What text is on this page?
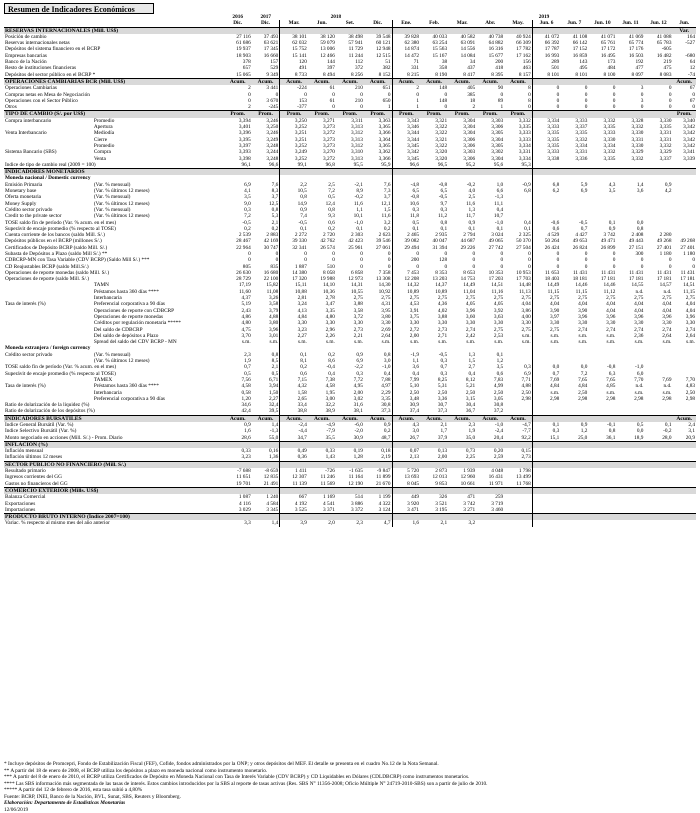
Resumen de Indicadores Económicos
		2016	2017	2018				2019										
		Dic.	Dic.	Mar.	Jun.	Set.	Dic.	Ene.	Feb.	Mar.	Abr.	May.	Jun. 6	Jun. 7	Jun. 10	Jun. 11	Jun. 12	Jun.
RESERVAS INTERNACIONALES (Mill. US$)																		Var.
Posición de cambio		27 116	37 493	38 101	38 120	38 498	39 548	39 828	40 033	40 582	40 738	40 924	41 072	41 108	41 071	41 069	41 088	164
Reservas internacionales netas		61 686	63 621	62 032	59 079	57 941	60 121	62 380	63 254	63 091	64 882	66 309	66 392	66 142	65 761	65 774	65 783	-527
Depósitos del sistema financiero en el BCRP		19 937	17 345	15 752	13 006	11 729	12 948	14 874	15 563	14 556	16 316	17 782	17 787	17 152	17 172	17 176	-605	
Empresas bancarias		18 903	16 660	15 141	12 466	11 244	12 515	14 472	15 167	14 084	15 677	17 162	16 993	16 859	16 495	16 503	16 482	-680
Banco de la Nación		378	157	120	144	112	51	71	38	34	200	156	289	143	173	192	219	64
Resto de instituciones financieras		657	529	491	397	372	382	331	358	437	418	463	501	495	484	477	475	12
Depósitos del sector público en el BCRP *		15 065	9 349	8 733	8 494	8 256	8 152	8 215	8 190	8 417	8 395	8 157	8 101	8 101	8 100	8 097	8 083	-74
OPERACIONES CAMBIARIAS BCR (Mill. US$)		Acum.	Acum.	Acum.	Acum.	Acum.	Acum.	Acum.	Acum.	Acum.	Acum.	Acum.						Acum.
Operaciones Cambiarias		2	3 441	-224	61	210	651	2	148	405	90	8	0	0	0	3	0	67
Compras netas en Mesa de Negociación		0	0	0	0	0	0	0	0	385	0	0	0	0	0	0	0	0
Operaciones con el Sector Público		0	3 670	153	61	210	650	1	148	18	89	8	0	0	0	3	0	67
Otros		2	-245	-377	0	0	1	1	0	2	1	0	0	0	0	0	0	0
TIPO DE CAMBIO (S/. por US$)		Prom.	Prom.	Prom.	Prom.	Prom.	Prom.	Prom.	Prom.	Prom.	Prom.	Prom.						Prom.
Compra interbancario	Promedio	3,394	3,246	3,250	3,271	3,311	3,363	3,343	3,321	3,304	3,303	3,332	3,334	3,333	3,332	3,328	3,330	3,340
	Apertura	3,401	3,250	3,252	3,273	3,313	3,365	3,346	3,322	3,304	3,306	3,335	3,333	3,337	3,335	3,332	3,335	3,342
Venta Interbancario	Mediodía	3,396	3,246	3,251	3,272	3,312	3,366	3,344	3,322	3,304	3,305	3,333	3,335	3,335	3,333	3,330	3,331	3,342
	Cierre	3,395	3,249	3,251	3,273	3,313	3,364	3,344	3,321	3,306	3,304	3,333	3,335	3,332	3,330	3,331	3,331	3,342
	Promedio	3,397	3,248	3,252	3,273	3,312	3,365	3,345	3,322	3,306	3,305	3,334	3,335	3,334	3,334	3,330	3,332	3,342
Sistema Bancario (SBS)	Compra	3,393	3,244	3,249	3,270	3,310	3,362	3,342	3,320	3,303	3,302	3,331	3,333	3,331	3,332	3,329	3,329	3,341
	Venta	3,398	3,248	3,252	3,272	3,313	3,366	3,345	3,320	3,306	3,304	3,334	3,338	3,336	3,335	3,332	3,337	3,339
Índice de tipo de cambio real (2009 = 100)		96,1	96,6	99,1	96,8	95,5	95,9	96,6	96,5	95,2	95,6	95,3						
INDICADORES MONETARIOS																		
Moneda nacional / Domestic currency																		
Emisión Primaria	(Var. % mensual)	6,9	7,6	2,2	2,5	-2,1	7,6	-4,8	-0,8	-0,2	1,0	-0,9	6,8	5,9	4,3	1,4	0,9	
Monetary base	(Var. % últimos 12 meses)	4,1	8,3	10,5	7,2	8,9	7,3	6,5	6,5	4,0	6,6	6,8	6,2	6,9	3,5	3,6	4,2	
Oferta monetaria	(Var. % mensual)	3,5	3,7	0,8	0,5	-0,2	3,7	-0,8	-0,5	2,5	-1,3							
Money Supply	(Var. % últimos 12 meses)	9,0	12,5	14,9	12,4	11,6	12,1	10,6	9,7	11,6	11,1							
Crédito sector privado	(Var. % mensual)	0,3	0,8	0,9	0,8	1,1	1,5	0,3	0,3	1,3	0,4							
Credit to the private sector	(Var. % últimos 12 meses)	7,2	5,3	7,4	9,3	10,1	11,6	11,8	11,2	11,7	10,7							
TOSE saldo fin de período (Var. % acum. en el mes)		-0,5	2,1	-0,5	0,6	-1,0	3,2	0,5	0,8	0,9	-1,0	0,4	-0,6	-0,5	0,1	0,0		
Superávit de encaje promedio (% respecto al TOSE)		0,2	0,2	0,1	0,2	0,1	0,2	0,1	0,1	0,1	0,1	0,1	0,6	0,7	0,9	0,8		
Cuenta corriente de los bancos (saldo Mill. S/.)		2 539	2 883	2 272	2 720	2 303	2 623	2 465	2 935	2 794	3 024	2 325	4 529	4 427	3 742	2 408	2 280	
Depósitos públicos en el BCRP (millones S/.)		28 467	42 169	39 330	42 762	42 423	39 546	39 082	40 047	44 687	49 065	50 370	50 264	49 653	49 471	49 443	49 268	49 268
Certificados de Depósito BCRP (saldo Mill. S/.)		22 964	30 747	32 341	26 574	25 961	27 061	29 494	31 394	29 226	27 742	27 504	26 424	26 824	26 899	27 151	27 401	27 401
Subasta de Depósitos a Plazo (saldo Mill S/.) **		0	0	0	0	0	0	0	0	0	0	0	0	0	0	300	1 180	1 180
CDBCRP-MN con Tasa Variable (CDV BCRP) (Saldo Mill S/.) ***		0	0	0	0	0	0	200	128	0	0	0	0	0	0	0	0	0
CD Reajustables BCRP (saldo Mill.S/.)		805	835	1 887	510	0	0	0	0	0	0	0	0	0	0	0	0	0
Operaciones de reporte monedas (saldo Mill. S/.)		26 630	16 680	14 380	8 058	6 858	7 358	7 453	8 353	8 653	10 353	10 953	11 653	11 431	11 431	11 431	11 431	11 431
Operaciones de reporte (saldo Mill. S/.)		28 729	22 100	17 320	19 988	12 973	13 308	12 208	13 203	14 753	17 203	17 703	18 403	18 181	17 181	17 181	17 181	17 181
	TAMN	17,19	15,82	15,11	14,10	14,31	14,30	14,32	14,37	14,49	14,51	14,48	14,49	14,46	14,46	14,55	14,57	14,51
	Préstamos hasta 360 días ****	11,60	11,08	10,88	10,36	10,55	10,92	10,89	10,89	11,04	11,16	11,13	11,15	11,15	11,12	n.d.	n.d.	11,15
	Interbancaria	4,37	3,26	2,81	2,78	2,75	2,75	2,75	2,75	2,75	2,75	2,75	2,75	2,75	2,75	2,75	2,75	2,75
Tasa de interés (%)	Preferencial corporativa a 90 días	5,19	3,58	3,24	3,47	3,88	4,31	4,53	4,36	4,05	4,05	4,04	4,04	4,04	4,04	4,04	4,04	4,04
	Operaciones de reporte con CDBCRP	2,43	3,79	4,13	3,35	3,58	3,95	3,91	4,02	3,96	3,92	3,86	3,90	3,90	4,04	4,04	4,04	4,04
	Operaciones de reporte monedas	4,86	4,88	4,84	4,80	3,72	3,80	3,75	3,88	3,60	3,63	4,00	3,97	3,96	3,96	3,96	3,96	3,96
	Créditos por regulación monetaria *****	4,80	3,80	3,30	3,30	3,30	3,30	3,30	3,30	3,30	3,30	3,30	3,30	3,30	3,30	3,30	3,30	3,30
	Del saldo de CDBCRP	4,75	3,96	3,23	2,96	2,73	2,69	2,72	2,73	2,74	2,75	2,75	2,75	2,74	2,74	2,74	2,74	2,74
	Del saldo de depósitos a Plazo	3,70	3,01	2,27	2,26	2,21	2,64	2,00	2,71	2,42	2,53	s.m.	s.m.	s.m.	s.m.	2,36	2,64	2,64
	Spread del saldo del CDV BCRP - MN	s.m.	s.m.	s.m.	s.m.	s.m.	s.m.	s.m.	s.m.	s.m.	s.m.	s.m.	s.m.	s.m.	s.m.	s.m.	s.m.	s.m.
Moneda extranjera / foreign currency																		
Crédito sector privado	(Var. % mensual)	2,3	0,8	0,1	0,2	0,9	0,8	-1,9	-0,5	1,3	0,1							
	(Var. % últimos 12 meses)	1,9	8,5	8,1	8,6	6,9	3,0	1,1	0,3	1,5	1,2							
TOSE saldo fin de período (Var. % acum. en el mes)		0,7	2,1	0,2	-0,4	-2,2	-1,0	3,6	0,7	2,7	3,5	0,3	0,0	0,0	-0,8	-1,0		
Superávit de encaje promedio (% respecto al TOSE)		0,5	0,5	0,6	0,4	0,3	0,4	0,4	0,3	0,4	0,6	6,9	0,7	7,2	6,3	6,0		
	TAMEX	7,56	6,71	7,15	7,38	7,72	7,88	7,99	8,25	8,12	7,83	7,71	7,69	7,65	7,65	7,70	7,69	7,70
Tasa de interés (%)	Préstamos hasta 360 días ****	4,58	3,94	4,32	4,58	4,95	4,97	5,10	5,31	5,21	4,99	4,88	4,84	4,84	4,85	n.d.	n.d.	4,83
	Interbancaria	0,58	1,50	1,58	1,95	2,00	2,29	2,50	2,50	2,50	2,50	2,50	s.m.	2,50	s.m.	s.m.	s.m.	2,50
	Preferencial corporativa a 90 días	1,20	2,27	2,65	3,00	3,02	3,35	3,48	3,36	3,15	3,05	2,98	2,98	2,98	2,98	2,98	2,98	2,98
Ratio de dolarización de la liquidez (%)		34,6	32,4	33,4	32,2	31,6	30,8	30,9	30,7	30,4	30,8							
Ratio de dolarización de los depósitos (%)		42,4	39,5	38,8	38,9	38,1	37,3	37,4	37,3	36,7	37,2							
INDICADORES BURSÁTILES		Acum.	Acum.	Acum.	Acum.	Acum.	Acum.	Acum.	Acum.	Acum.	Acum.	Acum.						Acum.
Índice General Bursátil (Var. %)		0,9	1,4	-2,4	-4,9	-6,0	0,9	4,3	2,1	2,3	-1,0	-4,7	0,1	0,9	-0,1	0,5	0,1	2,4
Índice Selectivo Bursátil (Var. %)		1,6	-1,3	-4,4	-7,9	-2,0	0,2	3,0	1,7	1,9	-2,4	-7,7	0,3	1,2	0,8	0,0	-0,2	3,1
Monto negociado en acciones (Mill. S/.) - Prom. Diario		28,6	55,0	34,7	35,5	30,9	48,7	26,7	37,9	35,0	20,4	92,2	15,1	25,0	36,1	18,9	28,0	20,9
INFLACIÓN (%)																		
Inflación mensual		0,33	0,16	0,49	0,33	0,19	0,18	0,07	0,13	0,73	0,20	0,15						
Inflación últimos 12 meses		3,23	1,36	0,36	1,43	1,28	2,19	2,13	2,00	2,25	2,59	2,73						
SECTOR PÚBLICO NO FINANCIERO (Mill. S/.)																		
Resultado primario		-7 688	-8 659	1 411	-726	-1 635	-9 847	5 720	2 873	1 939	4 048	1 798						
Ingresos corrientes del GG		11 651	12 835	12 307	11 246	11 164	11 899	13 693	12 013	12 960	16 431	13 499						
Gastos no financieros del GG		19 701	21 491	11 139	11 569	12 190	21 670	8 045	9 853	10 661	11 971	11 768						
COMERCIO EXTERIOR (Mills. US$)																		
Balanza Comercial		1 087	1 240	667	1 169	514	1 199	449	326	471	259							
Exportaciones		4 116	4 584	4 192	4 541	3 886	4 322	3 920	3 521	3 742	3 719							
Importaciones		3 029	3 345	3 525	3 371	3 372	3 124	3 471	3 195	3 271	3 460							
PRODUCTO BRUTO INTERNO (Índice 2007=100)																		
Variac. % respecto al mismo mes del año anterior		3,3	1,4	3,9	2,0	2,3	4,7	1,6	2,1	3,2								
* Incluye depósitos de Promcepri, Fondo de Estabilización Fiscal (FEF), Cofide, fondos administrados por la ONP; y otros depósitos del MEF. El detalle se presenta en el cuadro No.12 de la Nota Semanal.
** A partir del 18 de enero de 2008, el BCRP utiliza los depósitos a plazo en moneda nacional como instrumento monetario.
*** A partir del 8 de enero de 2010, el BCRP utiliza Certificados de Depósito en Moneda Nacional con Tasa de Interés Variable (CDV BCRP) y CD Liquidables en Dólares (CDLDBCRP) como instrumentos monetarios.
**** Las SBS información más segmentada de las tasas de interés. Estos cambios introducidos por la SBS al reporte de tasas activas (Res. SBS N° 11356-2008; Oficio Múltiple N° 24719-2010-SBS) son a partir de julio de 2010.
***** A partir del 12 de febrero de 2016, esta tasa subió a 4,80%
Fuente: BCRP, INEI, Banco de la Nación, BVL, Sunat, SBS, Reuters y Bloomberg.
Elaboración: Departamento de Estadísticas Monetarias
12/06/2019
